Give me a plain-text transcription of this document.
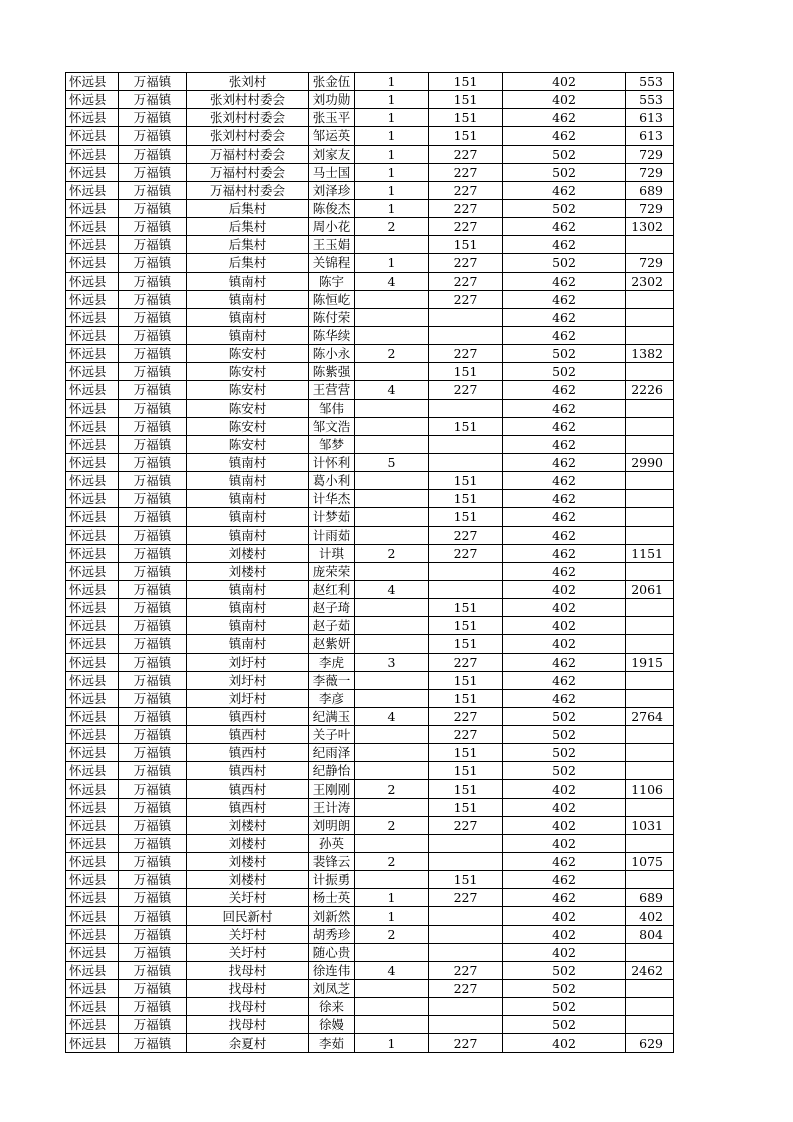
怀远县	万福镇	张刘村	张金伍	1	151	402	553
怀远县	万福镇	张刘村村委会	刘功勋	1	151	402	553
怀远县	万福镇	张刘村村委会	张玉平	1	151	462	613
怀远县	万福镇	张刘村村委会	邹运英	1	151	462	613
怀远县	万福镇	万福村村委会	刘家友	1	227	502	729
怀远县	万福镇	万福村村委会	马士国	1	227	502	729
怀远县	万福镇	万福村村委会	刘泽珍	1	227	462	689
怀远县	万福镇	后集村	陈俊杰	1	227	502	729
怀远县	万福镇	后集村	周小花	2	227	462	1302
怀远县	万福镇	后集村	王玉娟		151	462	
怀远县	万福镇	后集村	关锦程	1	227	502	729
怀远县	万福镇	镇南村	陈宇	4	227	462	2302
怀远县	万福镇	镇南村	陈恒屹		227	462	
怀远县	万福镇	镇南村	陈付荣			462	
怀远县	万福镇	镇南村	陈华续			462	
怀远县	万福镇	陈安村	陈小永	2	227	502	1382
怀远县	万福镇	陈安村	陈紫强		151	502	
怀远县	万福镇	陈安村	王营营	4	227	462	2226
怀远县	万福镇	陈安村	邹伟			462	
怀远县	万福镇	陈安村	邹文浩		151	462	
怀远县	万福镇	陈安村	邹梦			462	
怀远县	万福镇	镇南村	计怀利	5		462	2990
怀远县	万福镇	镇南村	葛小利		151	462	
怀远县	万福镇	镇南村	计华杰		151	462	
怀远县	万福镇	镇南村	计梦茹		151	462	
怀远县	万福镇	镇南村	计雨茹		227	462	
怀远县	万福镇	刘楼村	计琪	2	227	462	1151
怀远县	万福镇	刘楼村	庞荣荣			462	
怀远县	万福镇	镇南村	赵红利	4		402	2061
怀远县	万福镇	镇南村	赵子琦		151	402	
怀远县	万福镇	镇南村	赵子茹		151	402	
怀远县	万福镇	镇南村	赵紫妍		151	402	
怀远县	万福镇	刘圩村	李虎	3	227	462	1915
怀远县	万福镇	刘圩村	李薇一		151	462	
怀远县	万福镇	刘圩村	李彦		151	462	
怀远县	万福镇	镇西村	纪满玉	4	227	502	2764
怀远县	万福镇	镇西村	关子叶		227	502	
怀远县	万福镇	镇西村	纪雨泽		151	502	
怀远县	万福镇	镇西村	纪静怡		151	502	
怀远县	万福镇	镇西村	王刚刚	2	151	402	1106
怀远县	万福镇	镇西村	王计涛		151	402	
怀远县	万福镇	刘楼村	刘明朗	2	227	402	1031
怀远县	万福镇	刘楼村	孙英			402	
怀远县	万福镇	刘楼村	裴锋云	2		462	1075
怀远县	万福镇	刘楼村	计振勇		151	462	
怀远县	万福镇	关圩村	杨士英	1	227	462	689
怀远县	万福镇	回民新村	刘新然	1		402	402
怀远县	万福镇	关圩村	胡秀珍	2		402	804
怀远县	万福镇	关圩村	随心贵			402	
怀远县	万福镇	找母村	徐连伟	4	227	502	2462
怀远县	万福镇	找母村	刘凤芝		227	502	
怀远县	万福镇	找母村	徐来			502	
怀远县	万福镇	找母村	徐嫚			502	
怀远县	万福镇	余夏村	李茹	1	227	402	629
